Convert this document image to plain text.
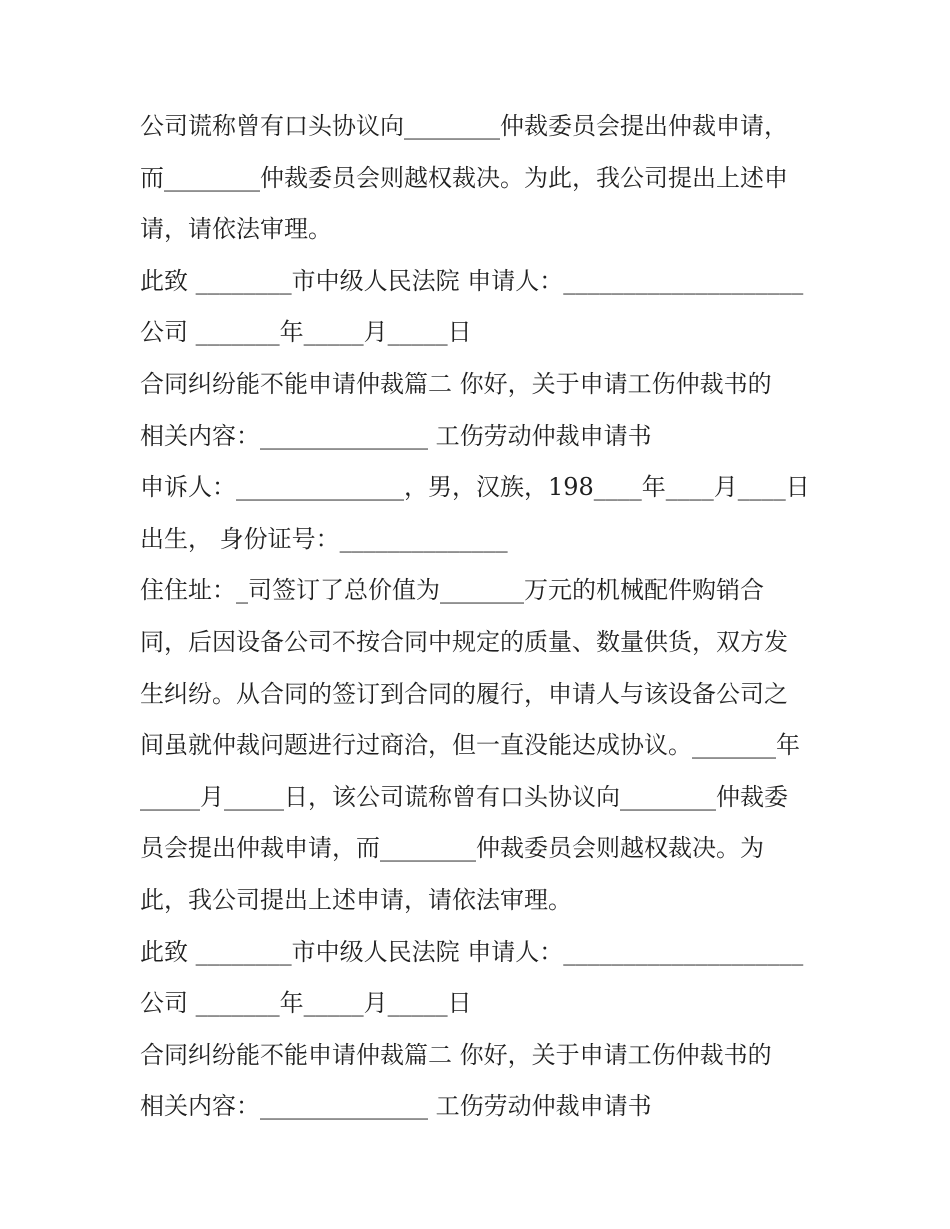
公司谎称曾有口头协议向________仲裁委员会提出仲裁申请，

而________仲裁委员会则越权裁决。为此，我公司提出上述申

请，请依法审理。

此致 ________市中级人民法院 申请人：____________________

公司 _______年_____月_____日

合同纠纷能不能申请仲裁篇二 你好，关于申请工伤仲裁书的

相关内容：______________ 工伤劳动仲裁申请书

申诉人：______________，男，汉族，198____年____月____日

出生， 身份证号：______________

住住址：_司签订了总价值为_______万元的机械配件购销合

同，后因设备公司不按合同中规定的质量、数量供货，双方发

生纠纷。从合同的签订到合同的履行，申请人与该设备公司之

间虽就仲裁问题进行过商洽，但一直没能达成协议。_______年

_____月_____日，该公司谎称曾有口头协议向________仲裁委

员会提出仲裁申请，而________仲裁委员会则越权裁决。为

此，我公司提出上述申请，请依法审理。

此致 ________市中级人民法院 申请人：____________________

公司 _______年_____月_____日

合同纠纷能不能申请仲裁篇二 你好，关于申请工伤仲裁书的

相关内容：______________ 工伤劳动仲裁申请书
